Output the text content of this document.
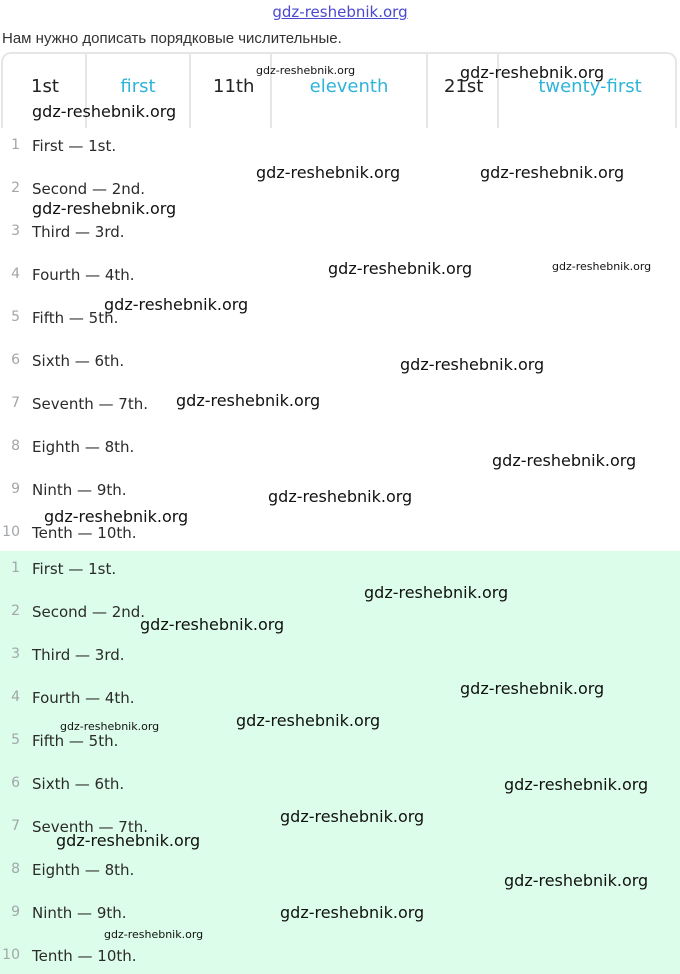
gdz-reshebnik.org
Нам нужно дописать порядковые числительные.
1st	first	11th	eleventh	21st	twenty-first
1 First — 1st.
2 Second — 2nd.
3 Third — 3rd.
4 Fourth — 4th.
5 Fifth — 5th.
6 Sixth — 6th.
7 Seventh — 7th.
8 Eighth — 8th.
9 Ninth — 9th.
10 Tenth — 10th.
1 First — 1st.
2 Second — 2nd.
3 Third — 3rd.
4 Fourth — 4th.
5 Fifth — 5th.
6 Sixth — 6th.
7 Seventh — 7th.
8 Eighth — 8th.
9 Ninth — 9th.
10 Tenth — 10th.
gdz-reshebnik.org	gdz-reshebnik.org
gdz-reshebnik.org
gdz-reshebnik.org	gdz-reshebnik.org
gdz-reshebnik.org
gdz-reshebnik.org	gdz-reshebnik.org
gdz-reshebnik.org
gdz-reshebnik.org
gdz-reshebnik.org
gdz-reshebnik.org
gdz-reshebnik.org
gdz-reshebnik.org
gdz-reshebnik.org
gdz-reshebnik.org
gdz-reshebnik.org
gdz-reshebnik.org
gdz-reshebnik.org
gdz-reshebnik.org
gdz-reshebnik.org
gdz-reshebnik.org
gdz-reshebnik.org
gdz-reshebnik.org
gdz-reshebnik.org
